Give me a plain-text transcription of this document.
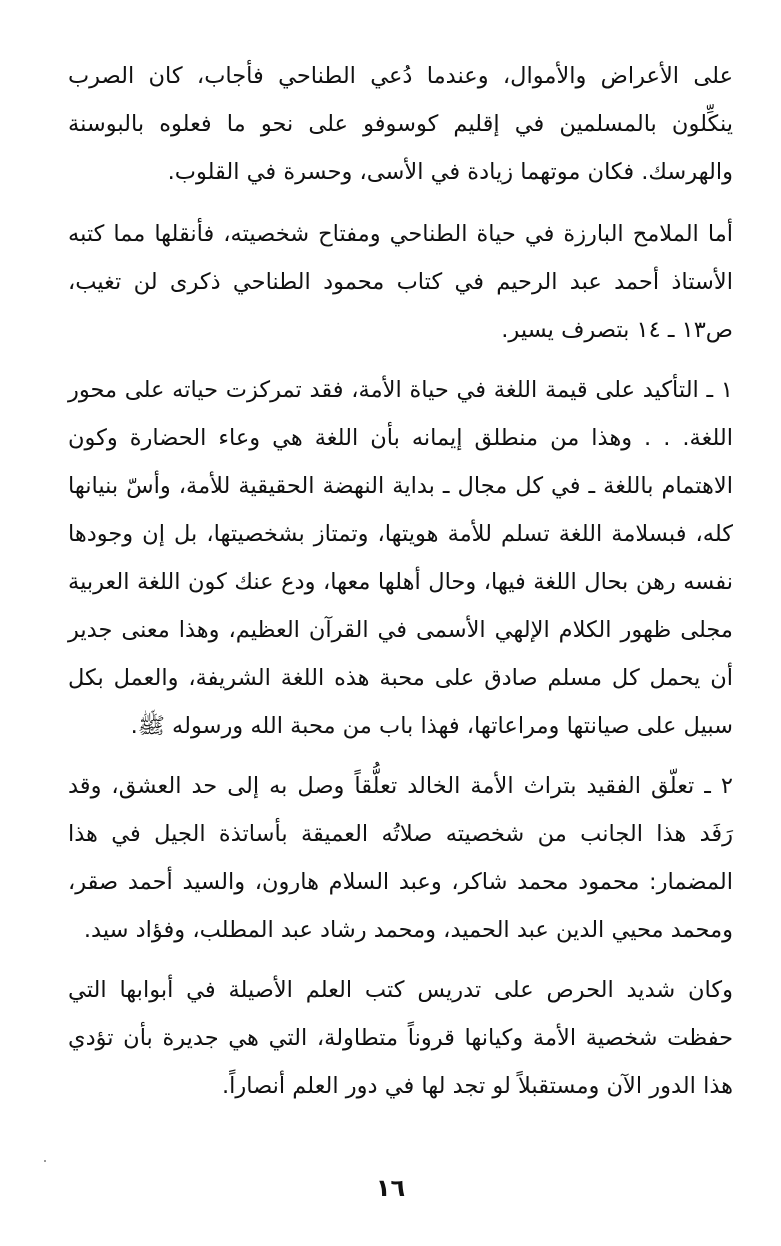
على الأعراض والأموال، وعندما دُعي الطناحي فأجاب، كان الصرب ينكِّلون بالمسلمين في إقليم كوسوفو على نحو ما فعلوه بالبوسنة والهرسك. فكان موتهما زيادة في الأسى، وحسرة في القلوب.

أما الملامح البارزة في حياة الطناحي ومفتاح شخصيته، فأنقلها مما كتبه الأستاذ أحمد عبد الرحيم في كتاب محمود الطناحي ذكرى لن تغيب، ص١٣ ـ ١٤ بتصرف يسير.

١ ـ التأكيد على قيمة اللغة في حياة الأمة، فقد تمركزت حياته على محور اللغة. . . وهذا من منطلق إيمانه بأن اللغة هي وعاء الحضارة وكون الاهتمام باللغة ـ في كل مجال ـ بداية النهضة الحقيقية للأمة، وأسّ بنيانها كله، فبسلامة اللغة تسلم للأمة هويتها، وتمتاز بشخصيتها، بل إن وجودها نفسه رهن بحال اللغة فيها، وحال أهلها معها، ودع عنك كون اللغة العربية مجلى ظهور الكلام الإلهي الأسمى في القرآن العظيم، وهذا معنى جدير أن يحمل كل مسلم صادق على محبة هذه اللغة الشريفة، والعمل بكل سبيل على صيانتها ومراعاتها، فهذا باب من محبة الله ورسوله ﷺ.

٢ ـ تعلّق الفقيد بتراث الأمة الخالد تعلُّقاً وصل به إلى حد العشق، وقد رَفَد هذا الجانب من شخصيته صلاتُه العميقة بأساتذة الجيل في هذا المضمار: محمود محمد شاكر، وعبد السلام هارون، والسيد أحمد صقر، ومحمد محيي الدين عبد الحميد، ومحمد رشاد عبد المطلب، وفؤاد سيد.

وكان شديد الحرص على تدريس كتب العلم الأصيلة في أبوابها التي حفظت شخصية الأمة وكيانها قروناً متطاولة، التي هي جديرة بأن تؤدي هذا الدور الآن ومستقبلاً لو تجد لها في دور العلم أنصاراً.

١٦
